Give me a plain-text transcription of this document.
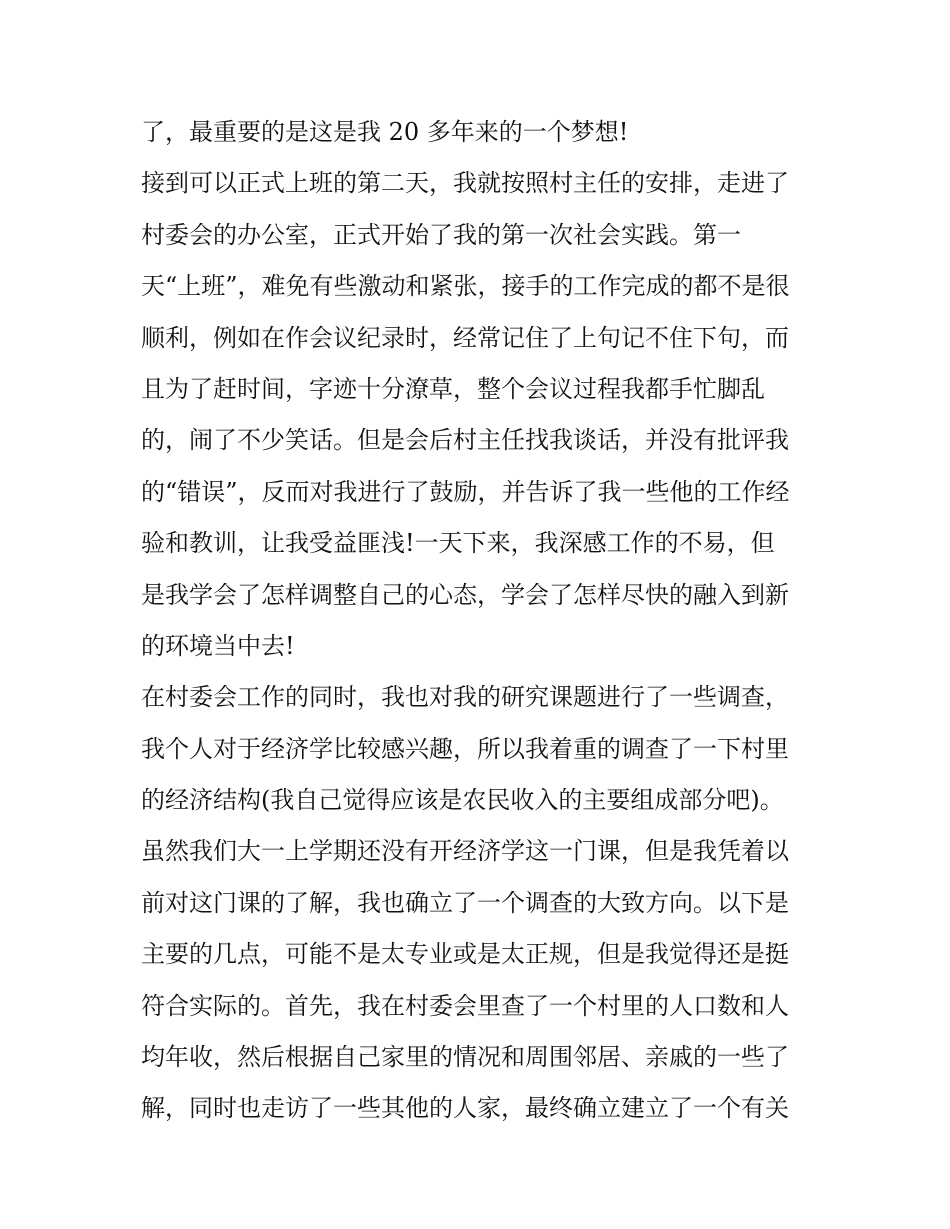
了，最重要的是这是我 20 多年来的一个梦想!
接到可以正式上班的第二天，我就按照村主任的安排，走进了
村委会的办公室，正式开始了我的第一次社会实践。第一
天“上班”，难免有些激动和紧张，接手的工作完成的都不是很
顺利，例如在作会议纪录时，经常记住了上句记不住下句，而
且为了赶时间，字迹十分潦草，整个会议过程我都手忙脚乱
的，闹了不少笑话。但是会后村主任找我谈话，并没有批评我
的“错误”，反而对我进行了鼓励，并告诉了我一些他的工作经
验和教训，让我受益匪浅!一天下来，我深感工作的不易，但
是我学会了怎样调整自己的心态，学会了怎样尽快的融入到新
的环境当中去!
在村委会工作的同时，我也对我的研究课题进行了一些调查，
我个人对于经济学比较感兴趣，所以我着重的调查了一下村里
的经济结构(我自己觉得应该是农民收入的主要组成部分吧)。
虽然我们大一上学期还没有开经济学这一门课，但是我凭着以
前对这门课的了解，我也确立了一个调查的大致方向。以下是
主要的几点，可能不是太专业或是太正规，但是我觉得还是挺
符合实际的。首先，我在村委会里查了一个村里的人口数和人
均年收，然后根据自己家里的情况和周围邻居、亲戚的一些了
解，同时也走访了一些其他的人家，最终确立建立了一个有关
